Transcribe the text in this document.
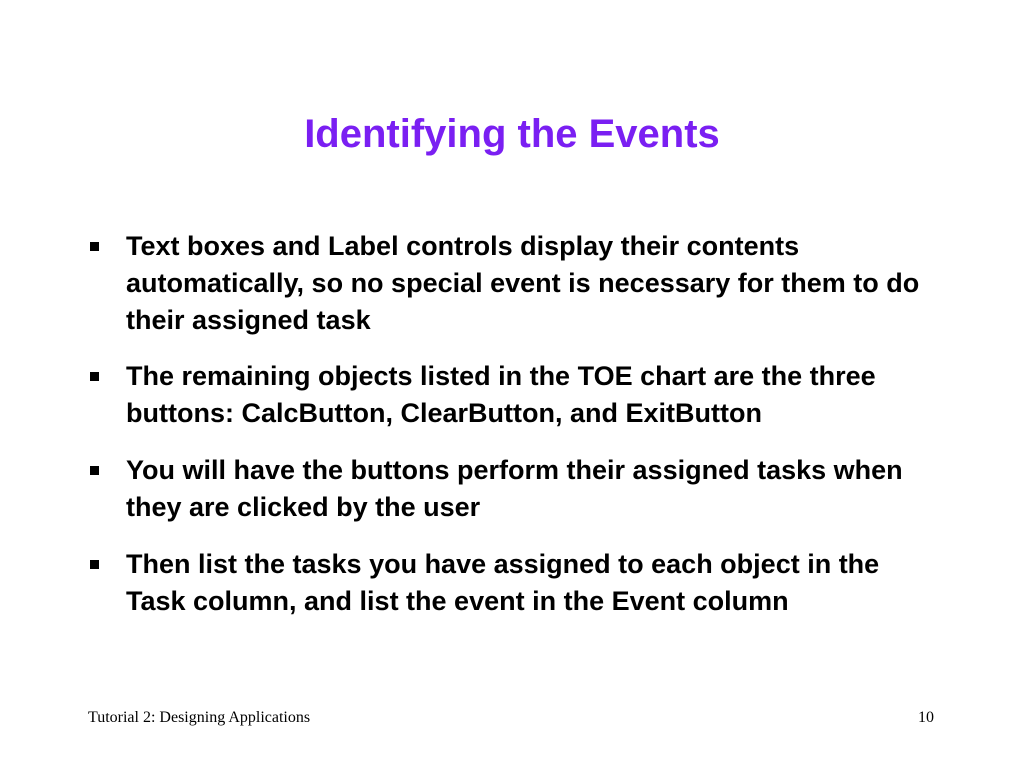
Identifying the Events
Text boxes and Label controls display their contents automatically, so no special event is necessary for them to do their assigned task
The remaining objects listed in the TOE chart are the three buttons: CalcButton, ClearButton, and ExitButton
You will have the buttons perform their assigned tasks when they are clicked by the user
Then list the tasks you have assigned to each object in the Task column, and list the event in the Event column
Tutorial 2: Designing Applications	10
